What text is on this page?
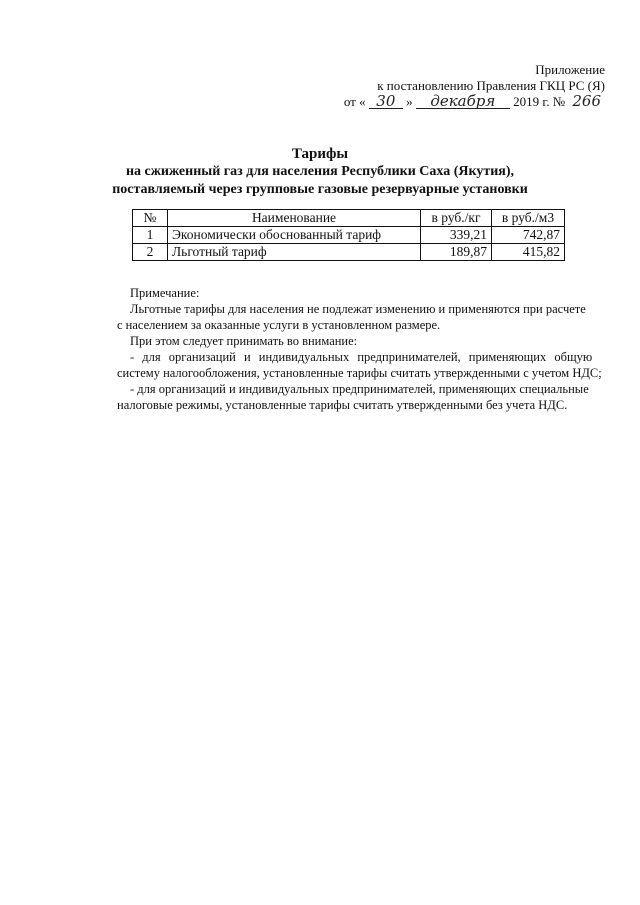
Приложение
к постановлению Правления ГКЦ РС (Я)
от « 30 » декабря 2019 г. № 266
Тарифы
на сжиженный газ для населения Республики Саха (Якутия),
поставляемый через групповые газовые резервуарные установки
№	Наименование	в руб./кг	в руб./м3
1	Экономически обоснованный тариф	339,21	742,87
2	Льготный тариф	189,87	415,82

Примечание:

Льготные тарифы для населения не подлежат изменению и применяются при расчете

с населением за оказанные услуги в установленном размере.

При этом следует принимать во внимание:

- для организаций и индивидуальных предпринимателей, применяющих общую

систему налогообложения, установленные тарифы считать утвержденными с учетом НДС;

- для организаций и индивидуальных предпринимателей, применяющих специальные

налоговые режимы, установленные тарифы считать утвержденными без учета НДС.
